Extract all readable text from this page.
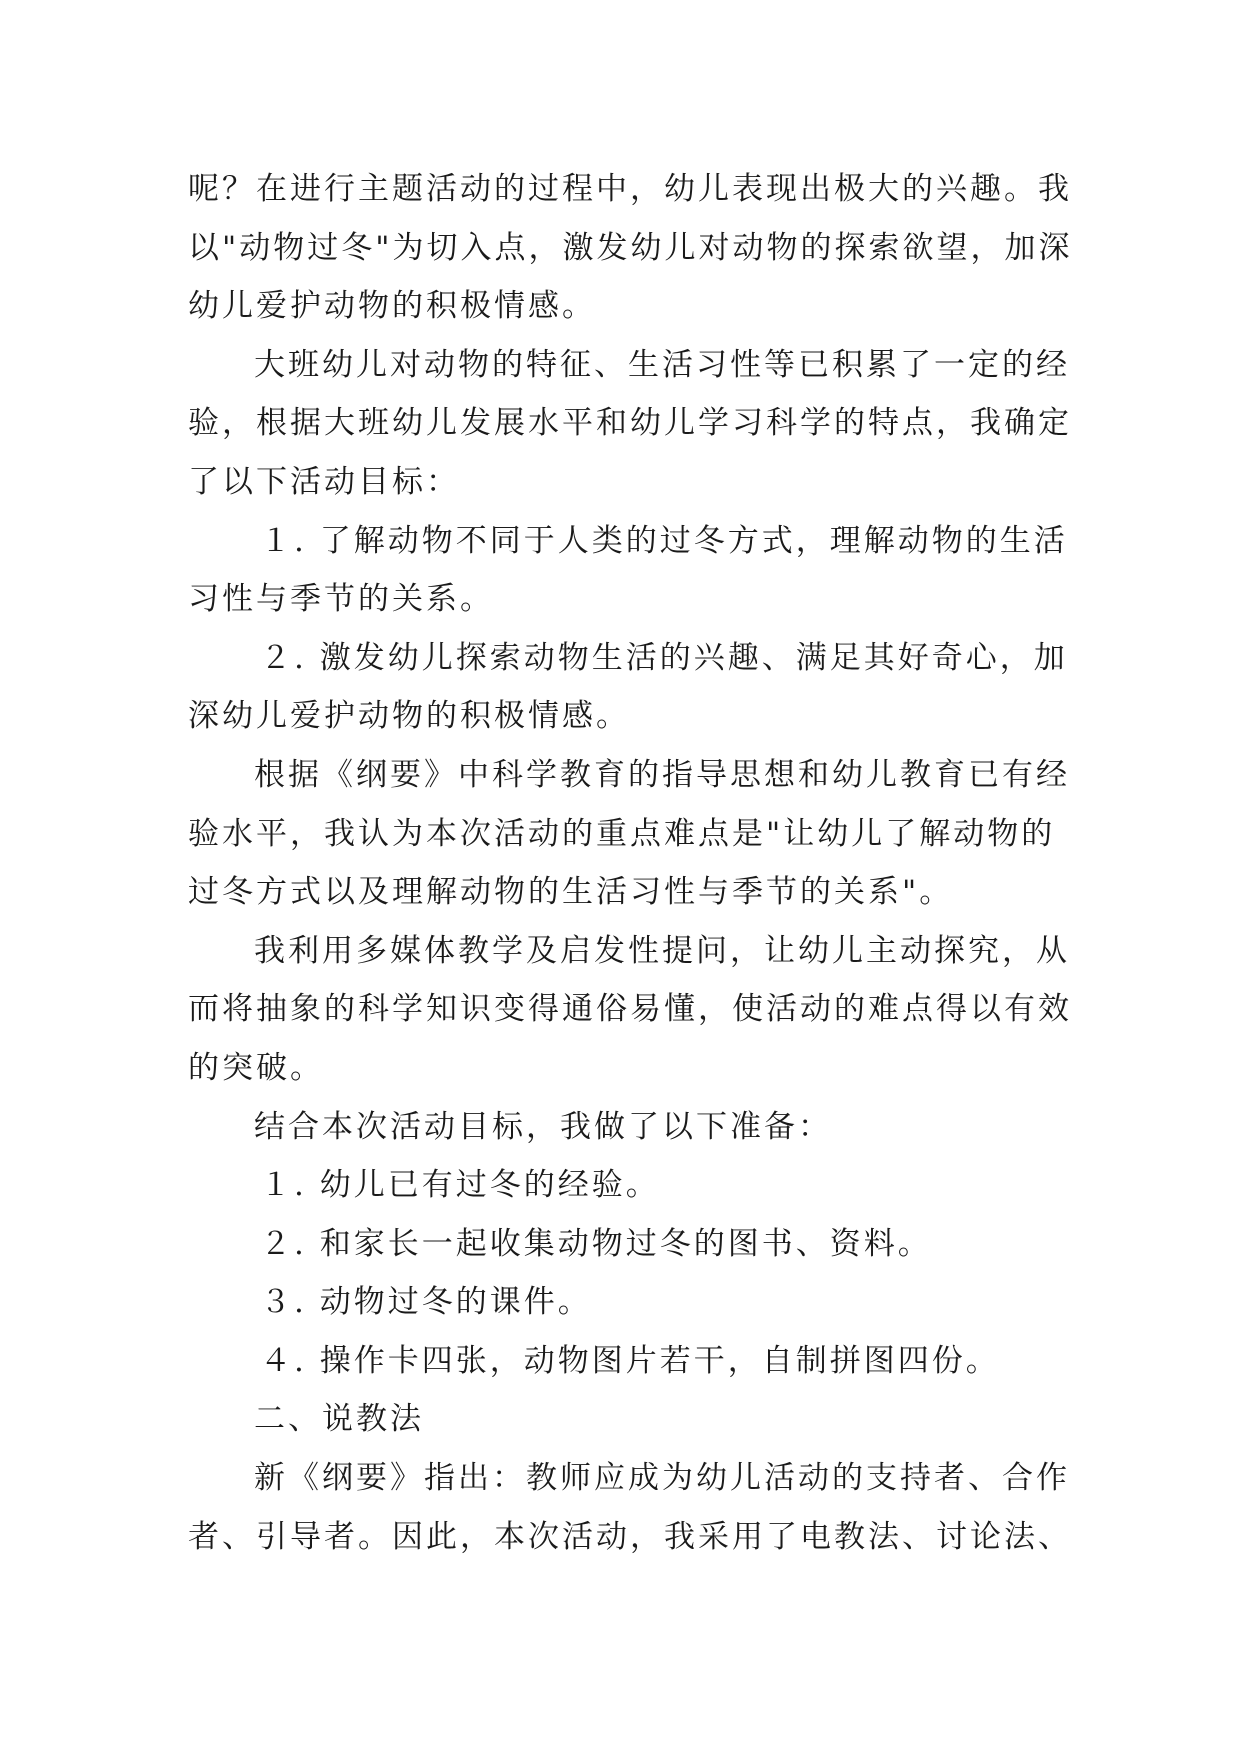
呢？在进行主题活动的过程中，幼儿表现出极大的兴趣。我

以"动物过冬"为切入点，激发幼儿对动物的探索欲望，加深

幼儿爱护动物的积极情感。

大班幼儿对动物的特征、生活习性等已积累了一定的经

验，根据大班幼儿发展水平和幼儿学习科学的特点，我确定

了以下活动目标：

１. 了解动物不同于人类的过冬方式，理解动物的生活

习性与季节的关系。

２. 激发幼儿探索动物生活的兴趣、满足其好奇心，加

深幼儿爱护动物的积极情感。

根据《纲要》中科学教育的指导思想和幼儿教育已有经

验水平，我认为本次活动的重点难点是"让幼儿了解动物的

过冬方式以及理解动物的生活习性与季节的关系"。

我利用多媒体教学及启发性提问，让幼儿主动探究，从

而将抽象的科学知识变得通俗易懂，使活动的难点得以有效

的突破。

结合本次活动目标，我做了以下准备：

１. 幼儿已有过冬的经验。

２. 和家长一起收集动物过冬的图书、资料。

３. 动物过冬的课件。

４. 操作卡四张，动物图片若干，自制拼图四份。

二、说教法

新《纲要》指出：教师应成为幼儿活动的支持者、合作

者、引导者。因此，本次活动，我采用了电教法、讨论法、
